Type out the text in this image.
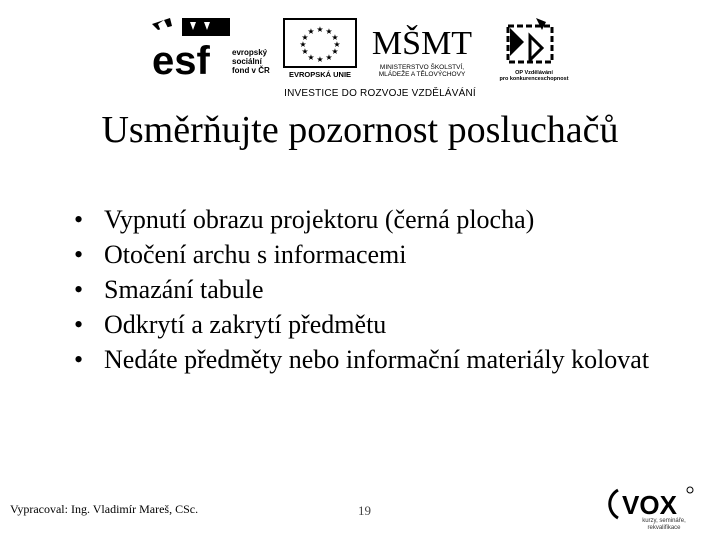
esf	evropský
sociální
fond v ČR
★ ★
★
★
★
★
★
★
★
★
★
★
EVROPSKÁ UNIE
MŠMT
MINISTERSTVO ŠKOLSTVÍ,
MLÁDEŽE A TĚLOVÝCHOVY	OP Vzdělávání
pro konkurenceschopnost
INVESTICE DO ROZVOJE VZDĚLÁVÁNÍ
Usměrňujte pozornost posluchačů
• Vypnutí obrazu projektoru (černá plocha)
• Otočení archu s informacemi
• Smazání tabule
• Odkrytí a zakrytí předmětu
• Nedáte předměty nebo informační materiály kolovat
Vypracoval: Ing. Vladimír Mareš, CSc.	19	VOX
kurzy, semináře,
rekvalifikace
